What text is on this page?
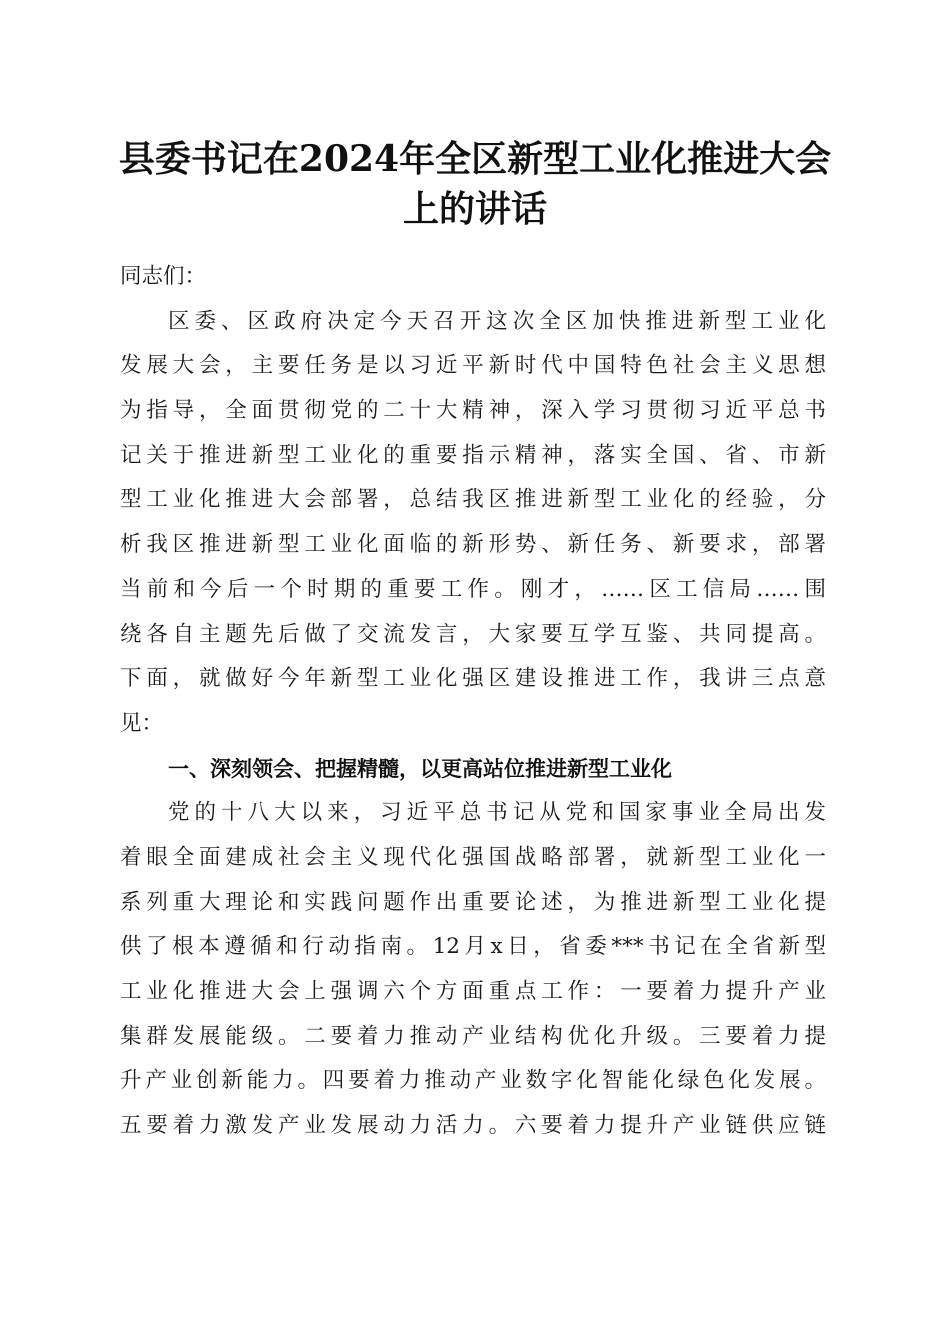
县委书记在2024年全区新型工业化推进大会
上的讲话
同志们：
区委、区政府决定今天召开这次全区加快推进新型工业化
发展大会，主要任务是以习近平新时代中国特色社会主义思想
为指导，全面贯彻党的二十大精神，深入学习贯彻习近平总书
记关于推进新型工业化的重要指示精神，落实全国、省、市新
型工业化推进大会部署，总结我区推进新型工业化的经验，分
析我区推进新型工业化面临的新形势、新任务、新要求，部署
当前和今后一个时期的重要工作。刚才，……区工信局……围
绕各自主题先后做了交流发言，大家要互学互鉴、共同提高。
下面，就做好今年新型工业化强区建设推进工作，我讲三点意
见：
一、深刻领会、把握精髓，以更高站位推进新型工业化
党的十八大以来，习近平总书记从党和国家事业全局出发
着眼全面建成社会主义现代化强国战略部署，就新型工业化一
系列重大理论和实践问题作出重要论述，为推进新型工业化提
供了根本遵循和行动指南。12月x日，省委***书记在全省新型
工业化推进大会上强调六个方面重点工作：一要着力提升产业
集群发展能级。二要着力推动产业结构优化升级。三要着力提
升产业创新能力。四要着力推动产业数字化智能化绿色化发展。
五要着力激发产业发展动力活力。六要着力提升产业链供应链
